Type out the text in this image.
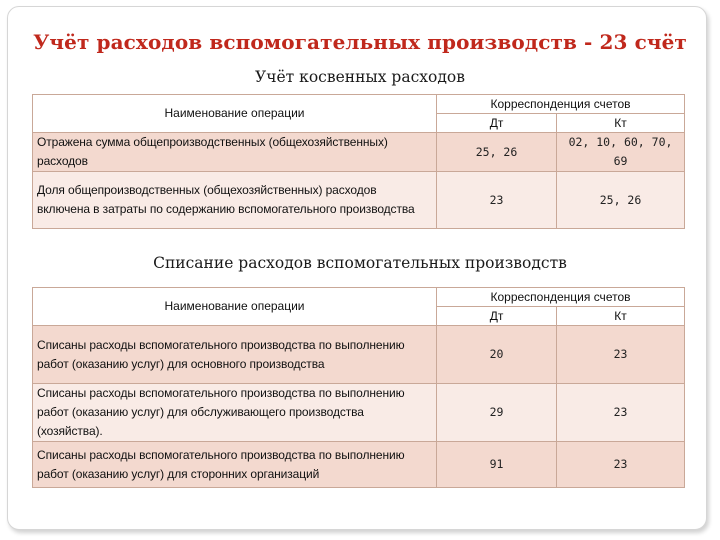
Учёт расходов вспомогательных производств - 23 счёт
Учёт косвенных расходов
Наименование операции	Корреспонденция счетов	
	Дт	Кт
Отражена сумма общепроизводственных (общехозяйственных) расходов	25, 26	02, 10, 60, 70, 69
Доля общепроизводственных (общехозяйственных) расходов включена в затраты по содержанию вспомогательного производства	23	25, 26
Списание расходов вспомогательных производств
Наименование операции	Корреспонденция счетов	
	Дт	Кт
Списаны расходы вспомогательного производства по выполнению работ (оказанию услуг) для основного производства	20	23
Списаны расходы вспомогательного производства по выполнению работ (оказанию услуг) для обслуживающего производства (хозяйства).	29	23
Списаны расходы вспомогательного производства по выполнению работ (оказанию услуг) для сторонних организаций	91	23
